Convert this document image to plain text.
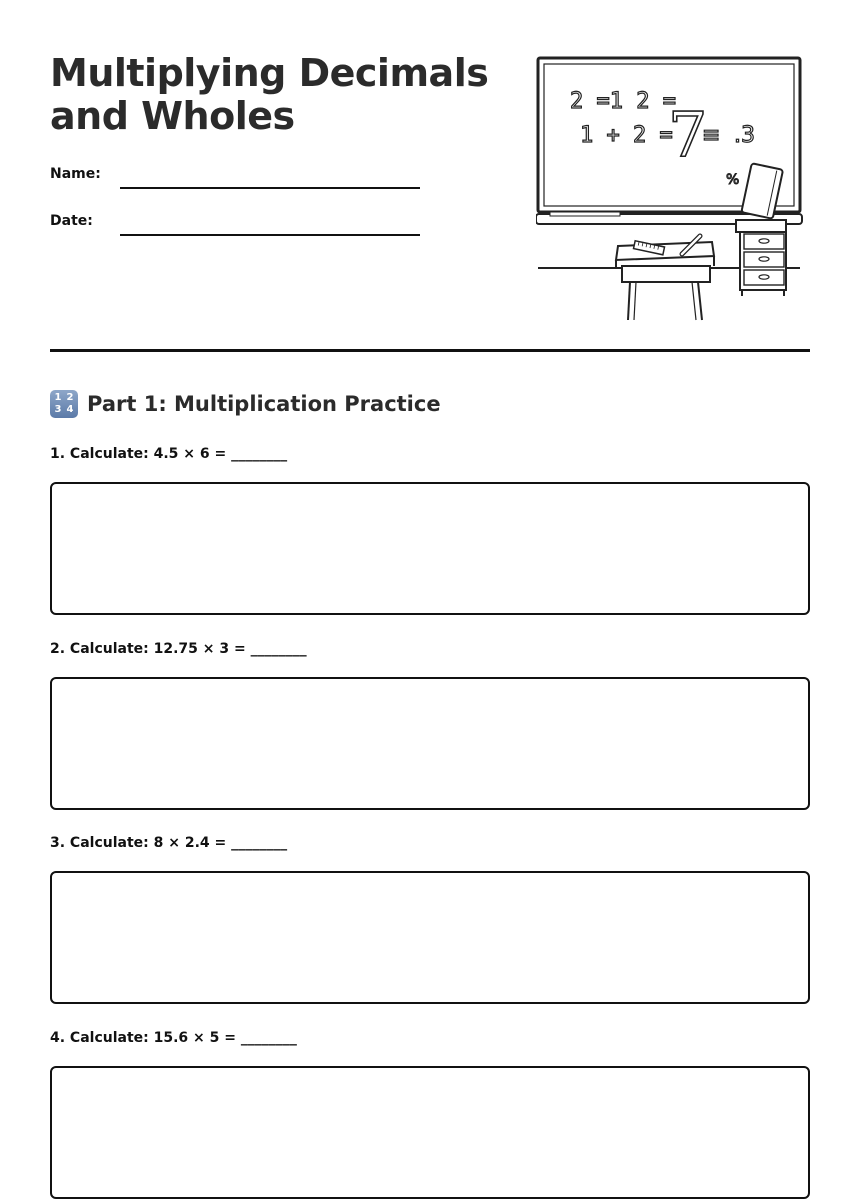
Multiplying Decimals
and Wholes
Name:
Date:
2 =1 2 =
1 + 2 =
7
≡ .3
%
1 2
3 4 Part 1: Multiplication Practice
1. Calculate: 4.5 × 6 = ________
2. Calculate: 12.75 × 3 = ________
3. Calculate: 8 × 2.4 = ________
4. Calculate: 15.6 × 5 = ________
